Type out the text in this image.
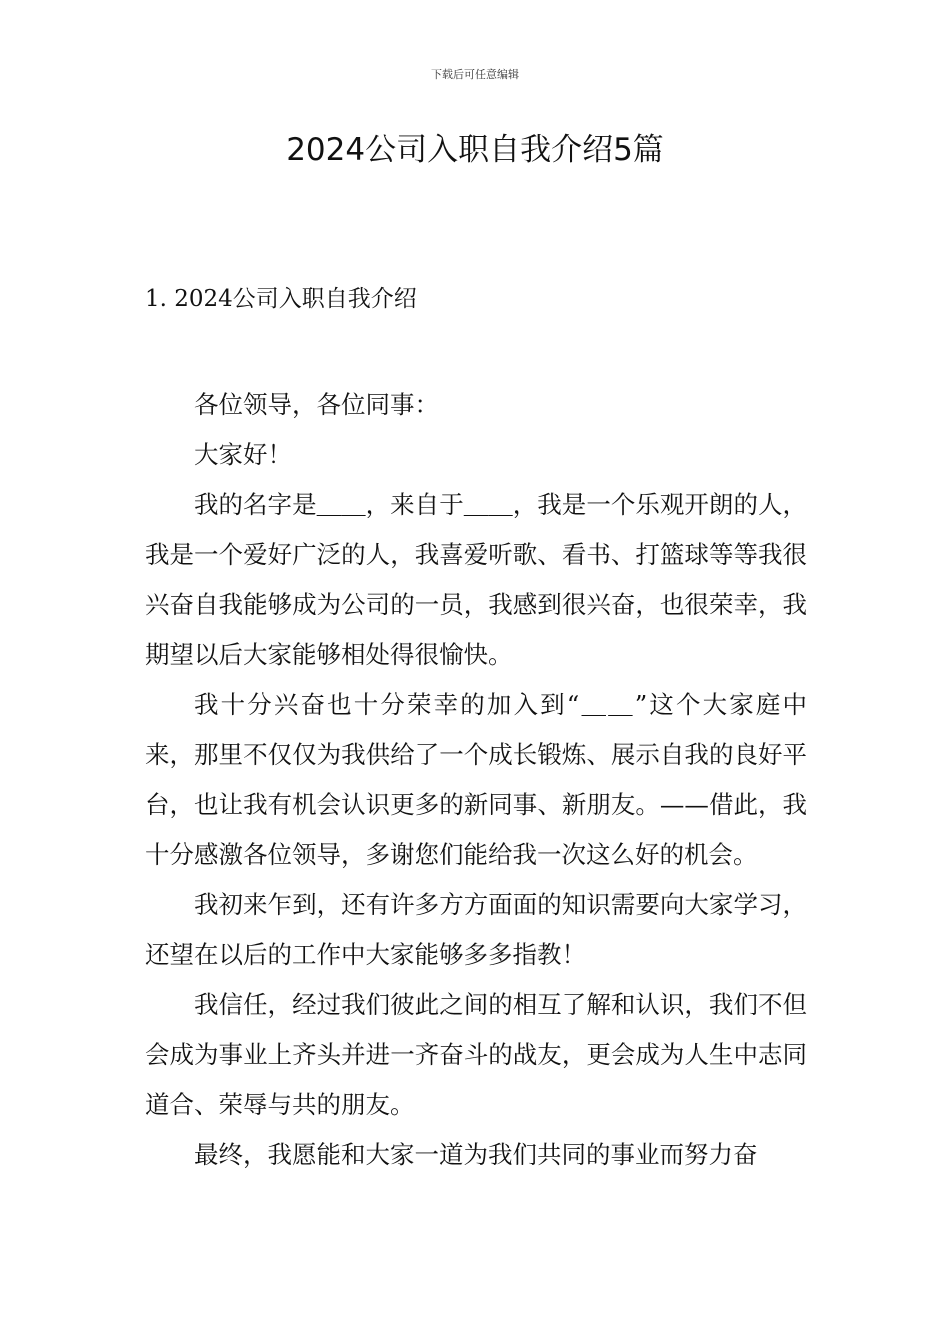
下载后可任意编辑
2024公司入职自我介绍5篇
1. 2024公司入职自我介绍

各位领导，各位同事：

大家好！

我的名字是＿＿，来自于＿＿，我是一个乐观开朗的人，我是一个爱好广泛的人，我喜爱听歌、看书、打篮球等等我很兴奋自我能够成为公司的一员，我感到很兴奋，也很荣幸，我期望以后大家能够相处得很愉快。

我十分兴奋也十分荣幸的加入到“＿＿”这个大家庭中来，那里不仅仅为我供给了一个成长锻炼、展示自我的良好平台，也让我有机会认识更多的新同事、新朋友。——借此，我十分感激各位领导，多谢您们能给我一次这么好的机会。

我初来乍到，还有许多方方面面的知识需要向大家学习，还望在以后的工作中大家能够多多指教！

我信任，经过我们彼此之间的相互了解和认识，我们不但会成为事业上齐头并进一齐奋斗的战友，更会成为人生中志同道合、荣辱与共的朋友。

最终，我愿能和大家一道为我们共同的事业而努力奋
